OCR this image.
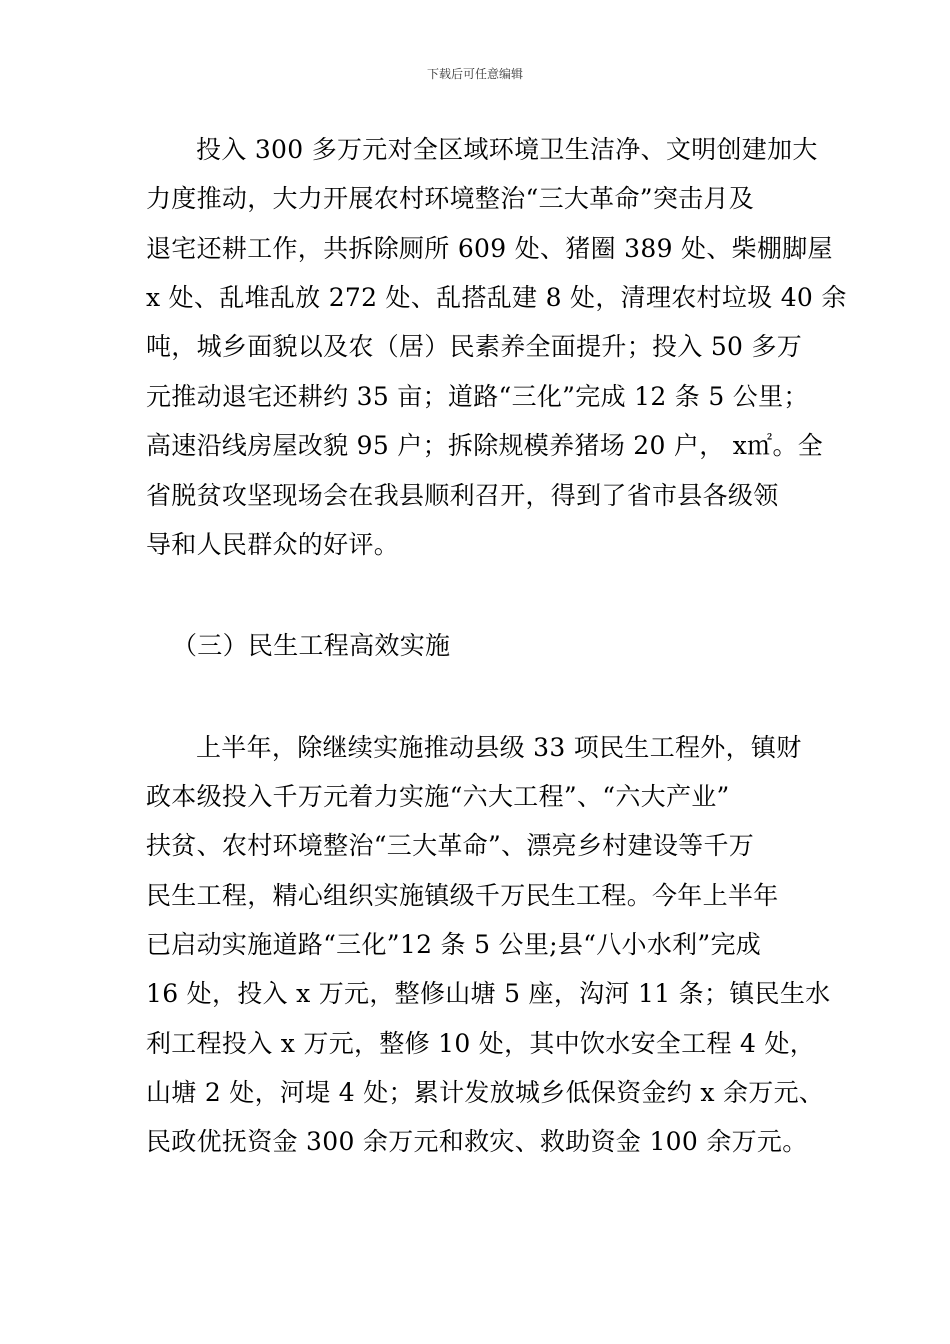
下载后可任意编辑
投入 300 多万元对全区域环境卫生洁净、文明创建加大
力度推动，大力开展农村环境整治“三大革命”突击月及
退宅还耕工作，共拆除厕所 609 处、猪圈 389 处、柴棚脚屋
x 处、乱堆乱放 272 处、乱搭乱建 8 处，清理农村垃圾 40 余
吨，城乡面貌以及农（居）民素养全面提升；投入 50 多万
元推动退宅还耕约 35 亩；道路“三化”完成 12 条 5 公里；
高速沿线房屋改貌 95 户；拆除规模养猪场 20 户， x㎡。全
省脱贫攻坚现场会在我县顺利召开，得到了省市县各级领
导和人民群众的好评。
（三）民生工程高效实施
上半年，除继续实施推动县级 33 项民生工程外，镇财
政本级投入千万元着力实施“六大工程”、“六大产业”
扶贫、农村环境整治“三大革命”、漂亮乡村建设等千万
民生工程，精心组织实施镇级千万民生工程。今年上半年
已启动实施道路“三化”12 条 5 公里;县“八小水利”完成
16 处，投入 x 万元，整修山塘 5 座，沟河 11 条；镇民生水
利工程投入 x 万元，整修 10 处，其中饮水安全工程 4 处，
山塘 2 处，河堤 4 处；累计发放城乡低保资金约 x 余万元、
民政优抚资金 300 余万元和救灾、救助资金 100 余万元。
